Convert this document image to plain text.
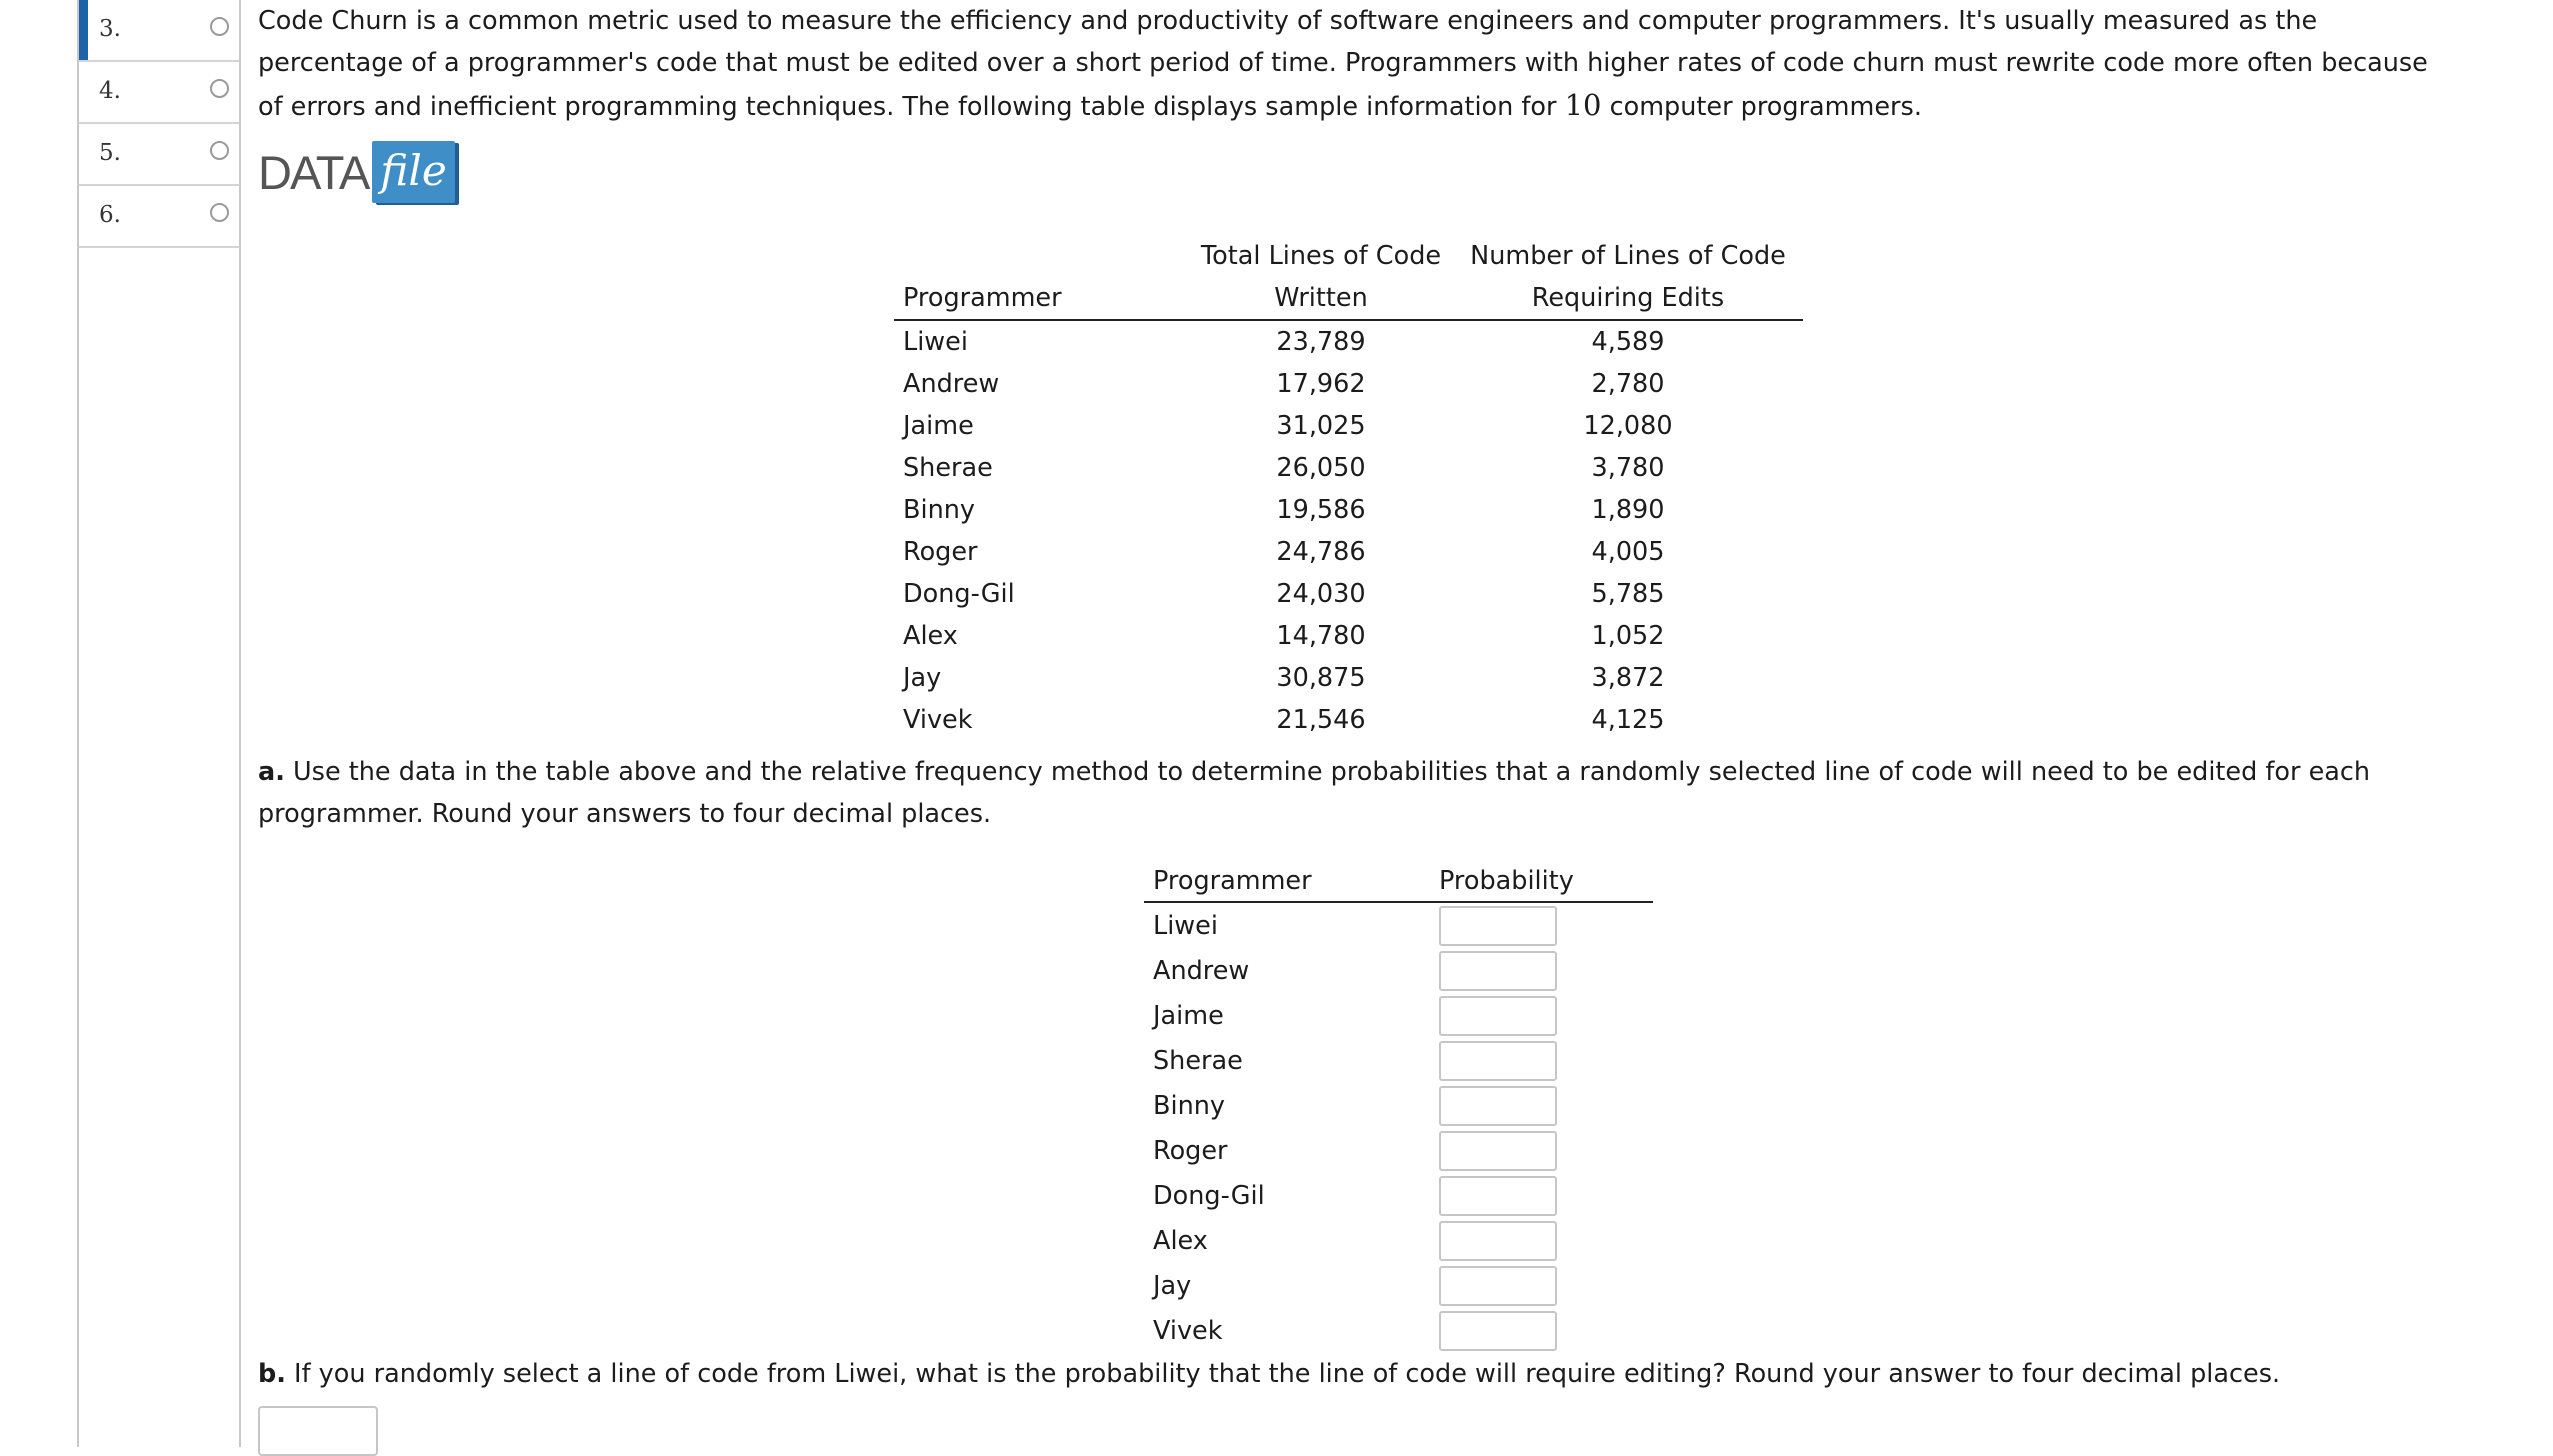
3.
4.
5.
6.

Code Churn is a common metric used to measure the efficiency and productivity of software engineers and computer programmers. It's usually measured as the percentage of a programmer's code that must be edited over a short period of time. Programmers with higher rates of code churn must rewrite code more often because of errors and inefficient programming techniques. The following table displays sample information for 10 computer programmers.

DATA file
	Total Lines of Code	Number of Lines of Code
Programmer	Written	Requiring Edits
Liwei	23,789	4,589
Andrew	17,962	2,780
Jaime	31,025	12,080
Sherae	26,050	3,780
Binny	19,586	1,890
Roger	24,786	4,005
Dong-Gil	24,030	5,785
Alex	14,780	1,052
Jay	30,875	3,872
Vivek	21,546	4,125

a. Use the data in the table above and the relative frequency method to determine probabilities that a randomly selected line of code will need to be edited for each programmer. Round your answers to four decimal places.

Programmer	Probability
Liwei	
Andrew	
Jaime	
Sherae	
Binny	
Roger	
Dong-Gil	
Alex	
Jay	
Vivek	

b. If you randomly select a line of code from Liwei, what is the probability that the line of code will require editing? Round your answer to four decimal places.
